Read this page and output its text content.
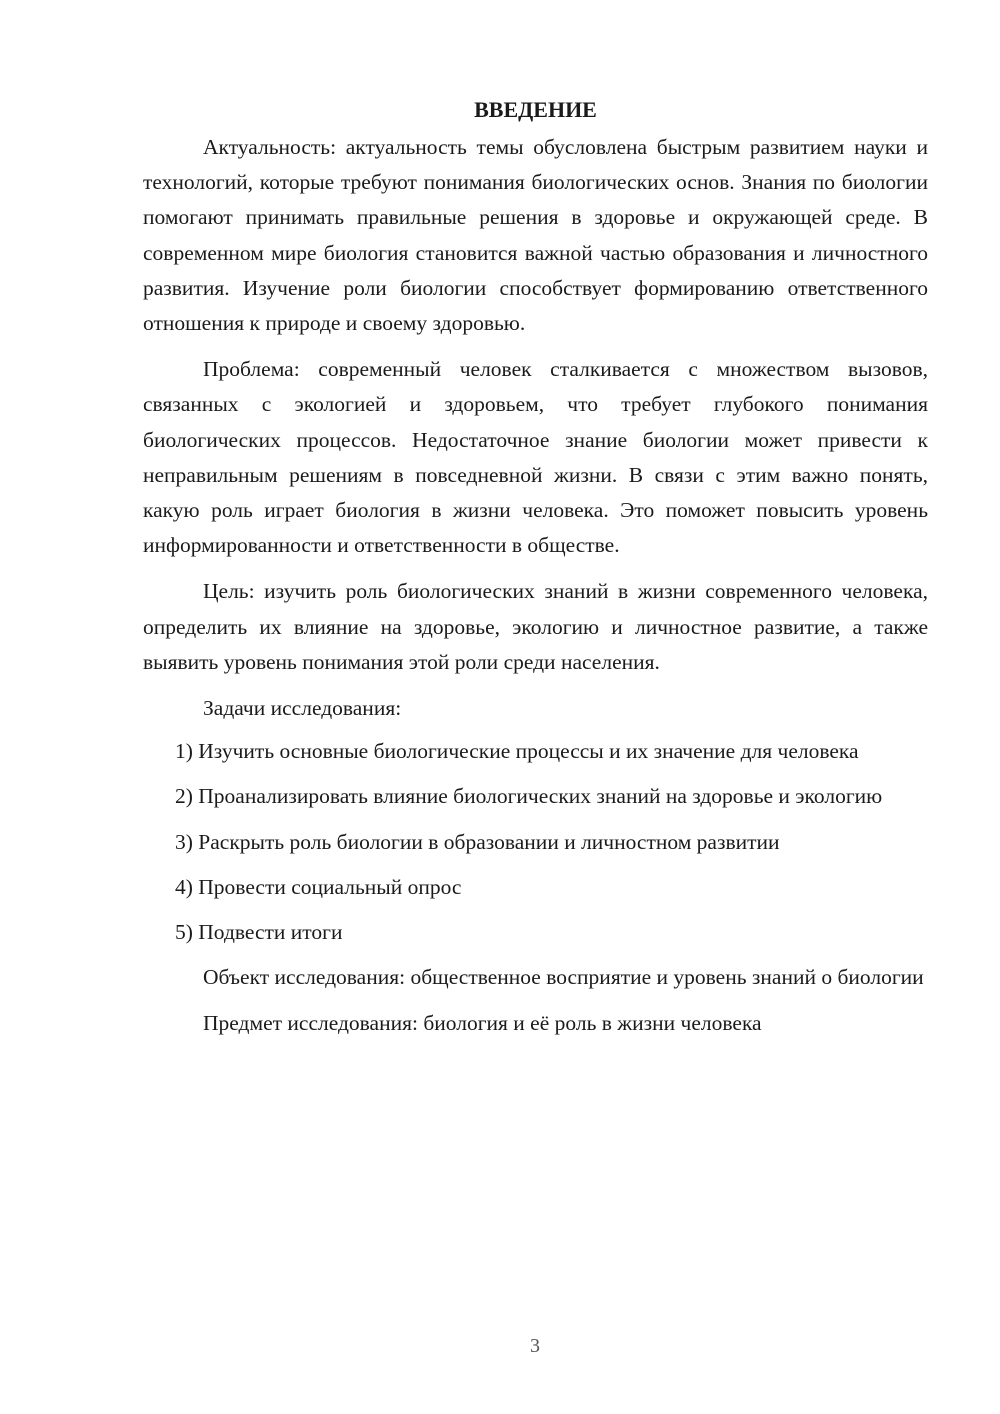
ВВЕДЕНИЕ

Актуальность: актуальность темы обусловлена быстрым развитием науки и технологий, которые требуют понимания биологических основ. Знания по биологии помогают принимать правильные решения в здоровье и окружающей среде. В современном мире биология становится важной частью образования и личностного развития. Изучение роли биологии способствует формированию ответственного отношения к природе и своему здоровью.

Проблема: современный человек сталкивается с множеством вызовов, связанных с экологией и здоровьем, что требует глубокого понимания биологических процессов. Недостаточное знание биологии может привести к неправильным решениям в повседневной жизни. В связи с этим важно понять, какую роль играет биология в жизни человека. Это поможет повысить уровень информированности и ответственности в обществе.

Цель: изучить роль биологических знаний в жизни современного человека, определить их влияние на здоровье, экологию и личностное развитие, а также выявить уровень понимания этой роли среди населения.

Задачи исследования:

1) Изучить основные биологические процессы и их значение для человека

2) Проанализировать влияние биологических знаний на здоровье и экологию

3) Раскрыть роль биологии в образовании и личностном развитии

4) Провести социальный опрос

5) Подвести итоги

Объект исследования: общественное восприятие и уровень знаний о биологии

Предмет исследования: биология и её роль в жизни человека

3
